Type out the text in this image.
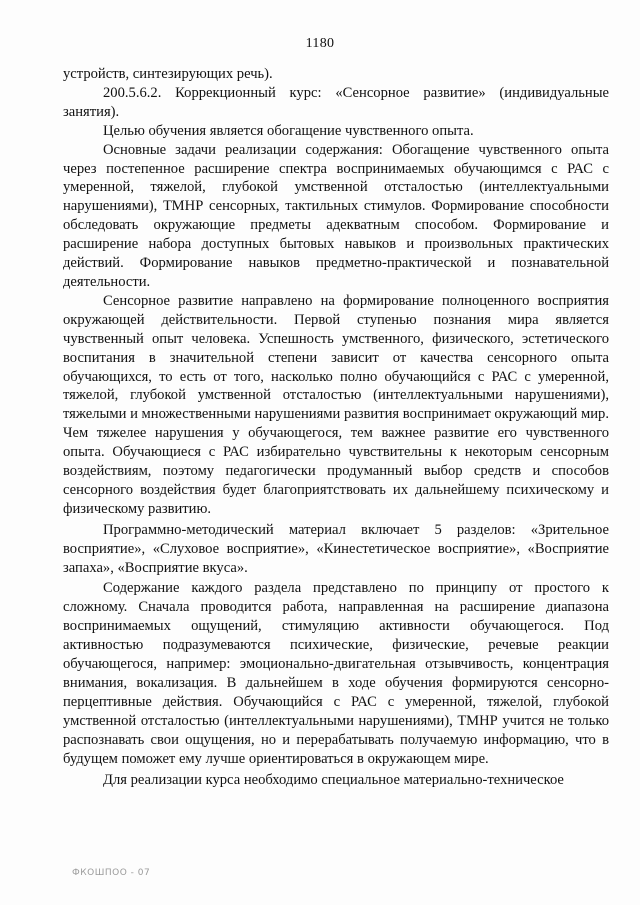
1180

устройств, синтезирующих речь).

200.5.6.2. Коррекционный курс: «Сенсорное развитие» (индивидуальные занятия).

Целью обучения является обогащение чувственного опыта.

Основные задачи реализации содержания: Обогащение чувственного опыта через постепенное расширение спектра воспринимаемых обучающимся с РАС с умеренной, тяжелой, глубокой умственной отсталостью (интеллектуальными нарушениями), ТМНР сенсорных, тактильных стимулов. Формирование способности обследовать окружающие предметы адекватным способом. Формирование и расширение набора доступных бытовых навыков и произвольных практических действий. Формирование навыков предметно-практической и познавательной деятельности.

Сенсорное развитие направлено на формирование полноценного восприятия окружающей действительности. Первой ступенью познания мира является чувственный опыт человека. Успешность умственного, физического, эстетического воспитания в значительной степени зависит от качества сенсорного опыта обучающихся, то есть от того, насколько полно обучающийся с РАС с умеренной, тяжелой, глубокой умственной отсталостью (интеллектуальными нарушениями), тяжелыми и множественными нарушениями развития воспринимает окружающий мир. Чем тяжелее нарушения у обучающегося, тем важнее развитие его чувственного опыта. Обучающиеся с РАС избирательно чувствительны к некоторым сенсорным воздействиям, поэтому педагогически продуманный выбор средств и способов сенсорного воздействия будет благоприятствовать их дальнейшему психическому и физическому развитию.

Программно-методический материал включает 5 разделов: «Зрительное восприятие», «Слуховое восприятие», «Кинестетическое восприятие», «Восприятие запаха», «Восприятие вкуса».

Содержание каждого раздела представлено по принципу от простого к сложному. Сначала проводится работа, направленная на расширение диапазона воспринимаемых ощущений, стимуляцию активности обучающегося. Под активностью подразумеваются психические, физические, речевые реакции обучающегося, например: эмоционально-двигательная отзывчивость, концентрация внимания, вокализация. В дальнейшем в ходе обучения формируются сенсорно-перцептивные действия. Обучающийся с РАС с умеренной, тяжелой, глубокой умственной отсталостью (интеллектуальными нарушениями), ТМНР учится не только распознавать свои ощущения, но и перерабатывать получаемую информацию, что в будущем поможет ему лучше ориентироваться в окружающем мире.

Для реализации курса необходимо специальное материально-техническое

ФКОШПОО - 07
